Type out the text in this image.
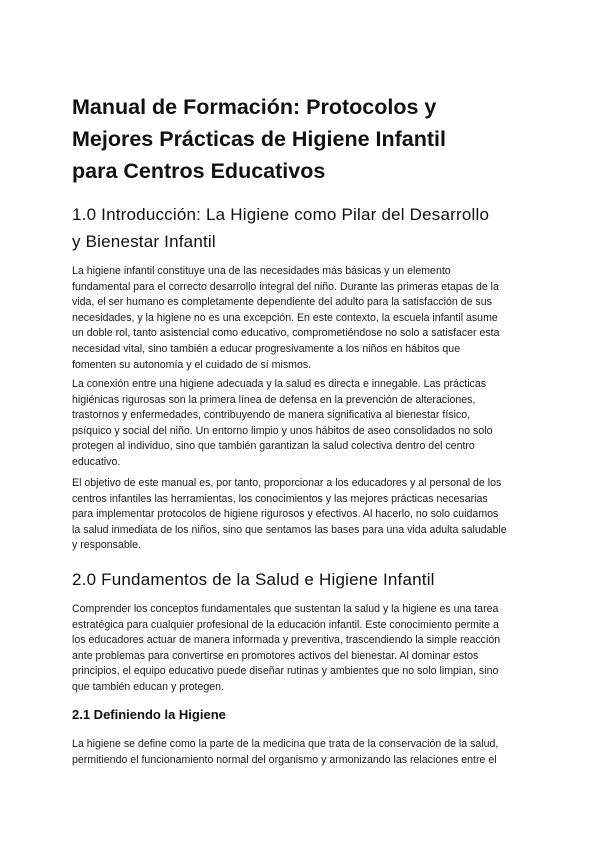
Manual de Formación: Protocolos y
Mejores Prácticas de Higiene Infantil
para Centros Educativos
1.0 Introducción: La Higiene como Pilar del Desarrollo
y Bienestar Infantil
La higiene infantil constituye una de las necesidades más básicas y un elemento
fundamental para el correcto desarrollo integral del niño. Durante las primeras etapas de la
vida, el ser humano es completamente dependiente del adulto para la satisfacción de sus
necesidades, y la higiene no es una excepción. En este contexto, la escuela infantil asume
un doble rol, tanto asistencial como educativo, comprometiéndose no solo a satisfacer esta
necesidad vital, sino también a educar progresivamente a los niños en hábitos que
fomenten su autonomía y el cuidado de sí mismos.
La conexión entre una higiene adecuada y la salud es directa e innegable. Las prácticas
higiénicas rigurosas son la primera línea de defensa en la prevención de alteraciones,
trastornos y enfermedades, contribuyendo de manera significativa al bienestar físico,
psíquico y social del niño. Un entorno limpio y unos hábitos de aseo consolidados no solo
protegen al individuo, sino que también garantizan la salud colectiva dentro del centro
educativo.
El objetivo de este manual es, por tanto, proporcionar a los educadores y al personal de los
centros infantiles las herramientas, los conocimientos y las mejores prácticas necesarias
para implementar protocolos de higiene rigurosos y efectivos. Al hacerlo, no solo cuidamos
la salud inmediata de los niños, sino que sentamos las bases para una vida adulta saludable
y responsable.
2.0 Fundamentos de la Salud e Higiene Infantil
Comprender los conceptos fundamentales que sustentan la salud y la higiene es una tarea
estratégica para cualquier profesional de la educación infantil. Este conocimiento permite a
los educadores actuar de manera informada y preventiva, trascendiendo la simple reacción
ante problemas para convertirse en promotores activos del bienestar. Al dominar estos
principios, el equipo educativo puede diseñar rutinas y ambientes que no solo limpian, sino
que también educan y protegen.
2.1 Definiendo la Higiene
La higiene se define como la parte de la medicina que trata de la conservación de la salud,
permitiendo el funcionamiento normal del organismo y armonizando las relaciones entre el
